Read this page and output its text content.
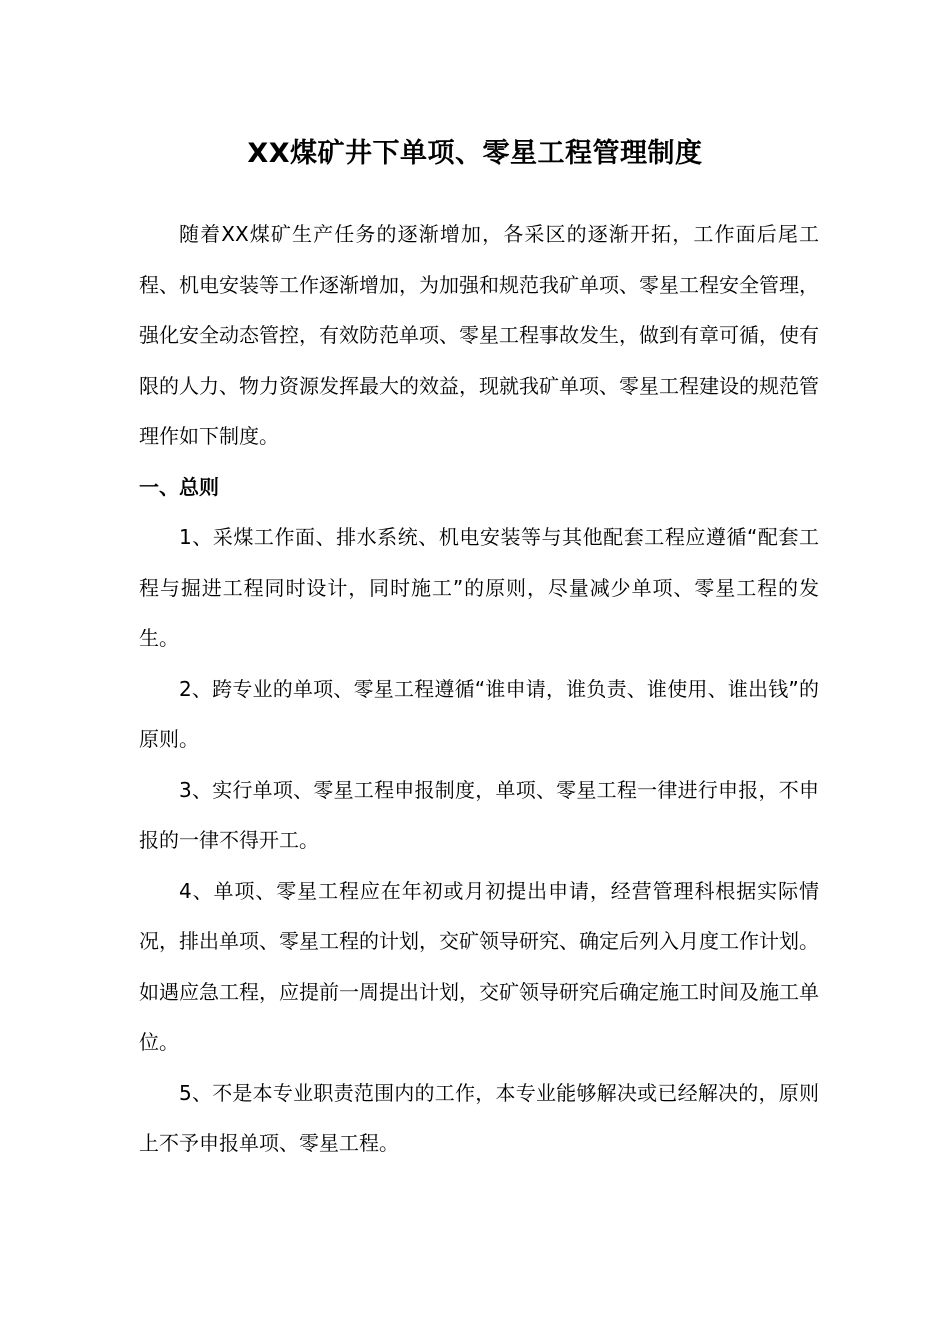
XX煤矿井下单项、零星工程管理制度

随着XX煤矿生产任务的逐渐增加，各采区的逐渐开拓，工作面后尾工程、机电安装等工作逐渐增加，为加强和规范我矿单项、零星工程安全管理，强化安全动态管控，有效防范单项、零星工程事故发生，做到有章可循，使有限的人力、物力资源发挥最大的效益，现就我矿单项、零星工程建设的规范管理作如下制度。

一、总则

1、采煤工作面、排水系统、机电安装等与其他配套工程应遵循“配套工程与掘进工程同时设计，同时施工”的原则，尽量减少单项、零星工程的发生。

2、跨专业的单项、零星工程遵循“谁申请，谁负责、谁使用、谁出钱”的原则。

3、实行单项、零星工程申报制度，单项、零星工程一律进行申报，不申报的一律不得开工。

4、单项、零星工程应在年初或月初提出申请，经营管理科根据实际情况，排出单项、零星工程的计划，交矿领导研究、确定后列入月度工作计划。如遇应急工程，应提前一周提出计划，交矿领导研究后确定施工时间及施工单位。

5、不是本专业职责范围内的工作，本专业能够解决或已经解决的，原则上不予申报单项、零星工程。
